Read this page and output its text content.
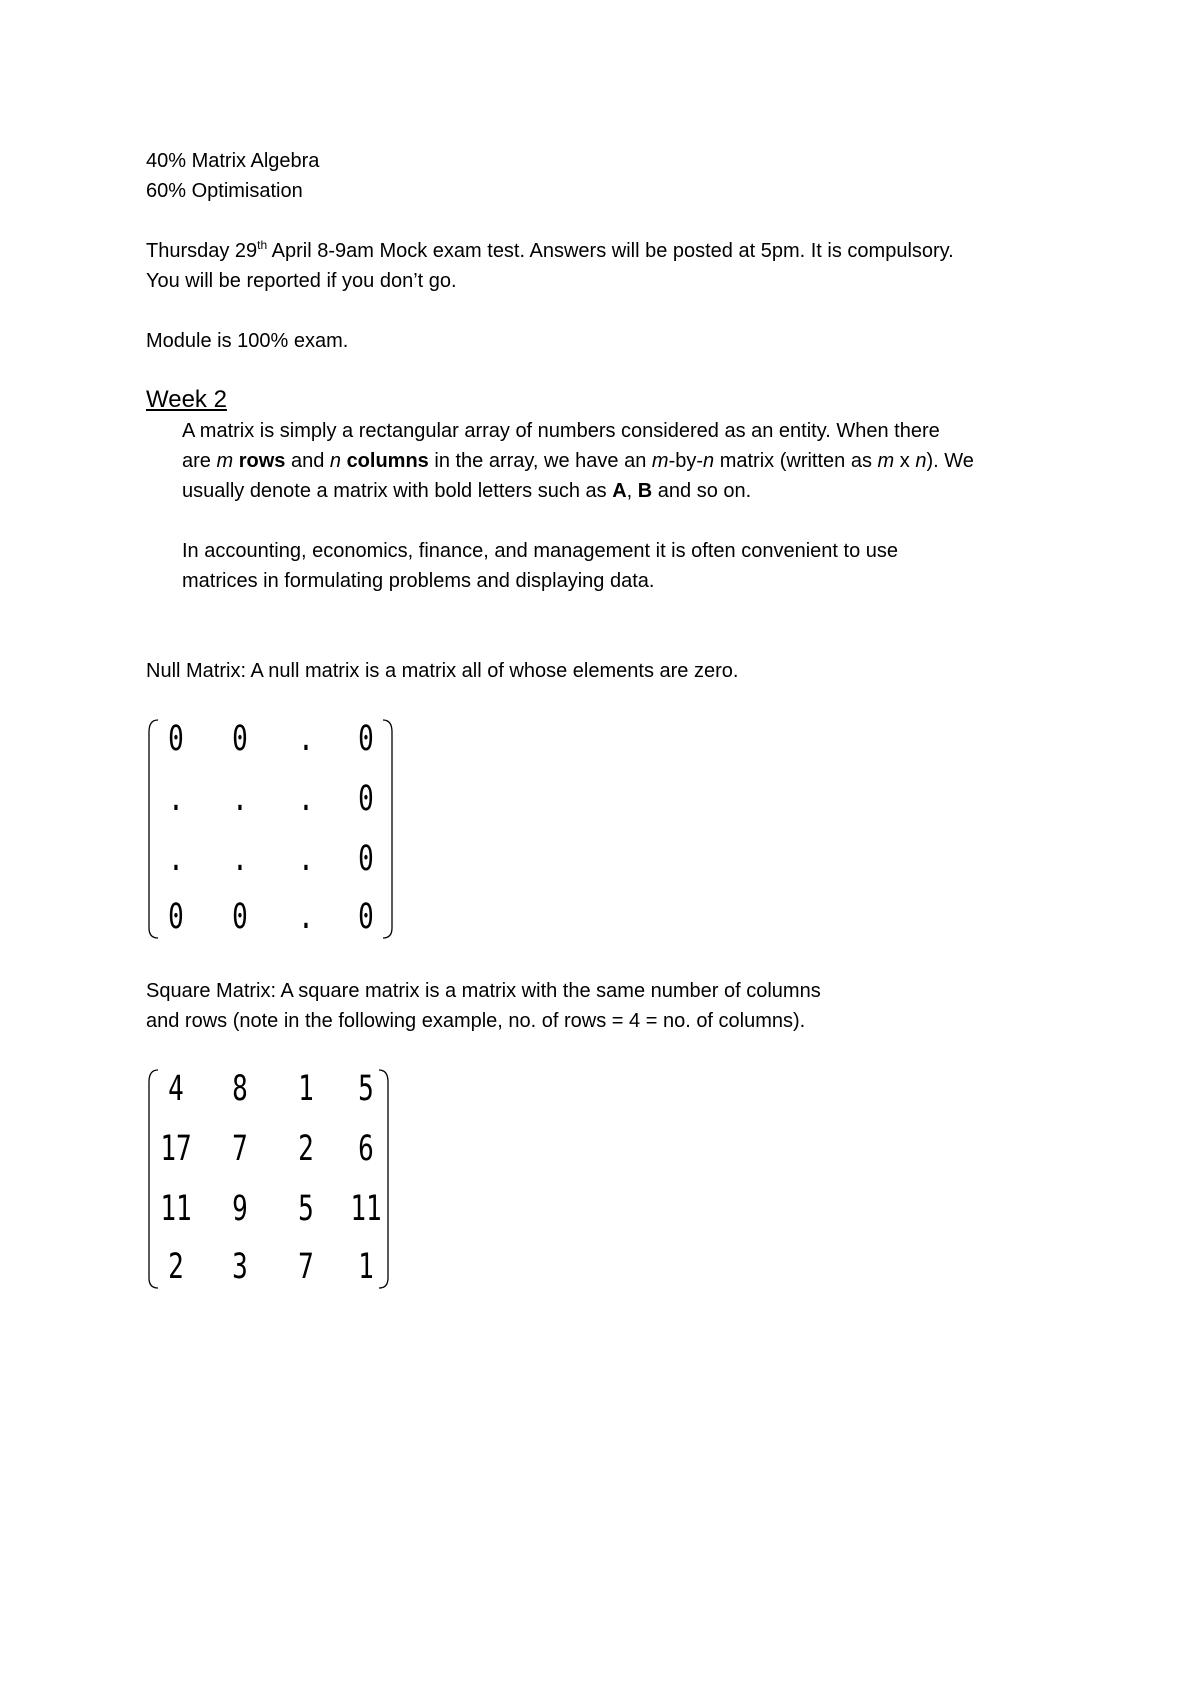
40% Matrix Algebra

60% Optimisation

Thursday 29th April 8-9am Mock exam test. Answers will be posted at 5pm. It is compulsory.

You will be reported if you don’t go.

Module is 100% exam.

Week 2

A matrix is simply a rectangular array of numbers considered as an entity. When there

are m rows and n columns in the array, we have an m-by-n matrix (written as m x n). We

usually denote a matrix with bold letters such as A, B and so on.

In accounting, economics, finance, and management it is often convenient to use

matrices in formulating problems and displaying data.

Null Matrix: A null matrix is a matrix all of whose elements are zero.

0 0 . 0
. . . 0
. . . 0
0 0 . 0

Square Matrix: A square matrix is a matrix with the same number of columns

and rows (note in the following example, no. of rows = 4 = no. of columns).

4 8 1 5
17 7 2 6
11 9 5 11
2 3 7 1
